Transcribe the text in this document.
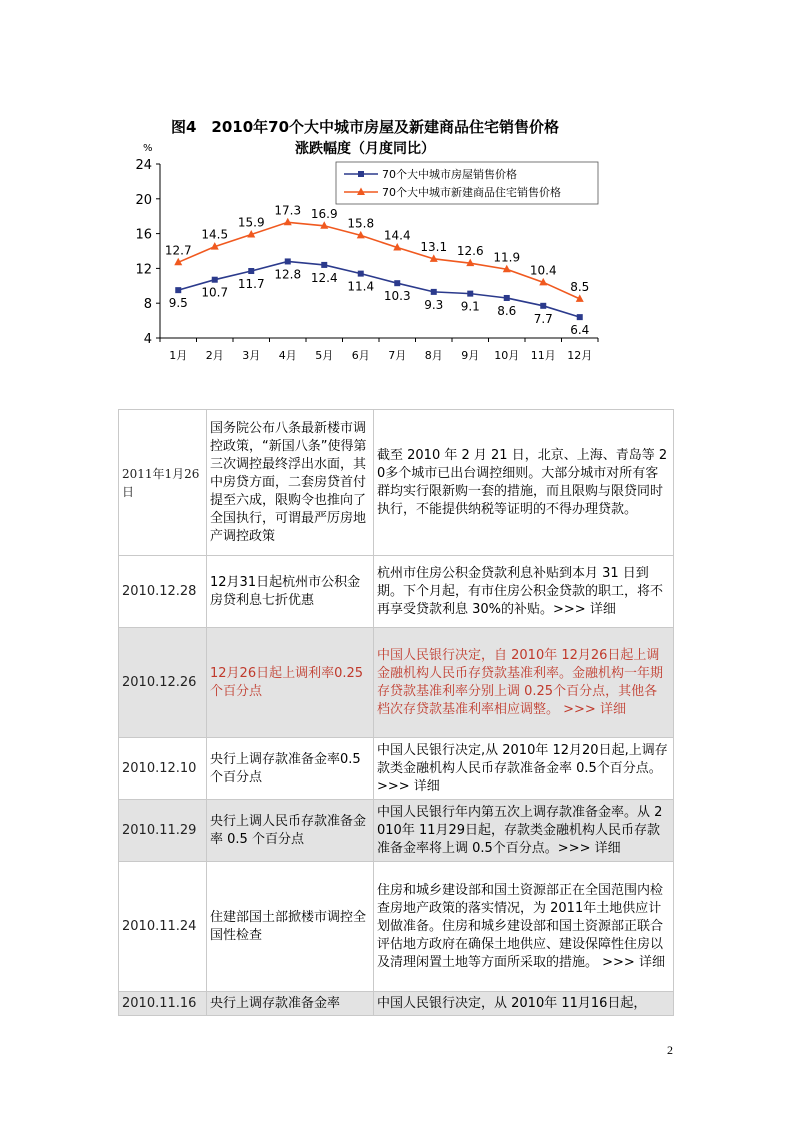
图4　2010年70个大中城市房屋及新建商品住宅销售价格
涨跌幅度（月度同比）
%
4
8
12
16
20
24
1月 2月 3月 4月 5月 6月 7月 8月 9月 10月 11月 12月
9.5
10.7
11.7
12.8 12.4
11.4
10.3
9.3 9.1 8.6
7.7
6.4
12.7
14.5
15.9
17.3 16.9
15.8
14.4
13.1 12.6 11.9
10.4
8.5
70个大中城市房屋销售价格
70个大中城市新建商品住宅销售价格
2011年1月26日	国务院公布八条最新楼市调控政策，“新国八条”使得第三次调控最终浮出水面，其中房贷方面，二套房贷首付提至六成，限购令也推向了全国执行，可谓最严厉房地产调控政策	截至 2010 年 2 月 21 日，北京、上海、青岛等 20多个城市已出台调控细则。大部分城市对所有客群均实行限新购一套的措施，而且限购与限贷同时执行，不能提供纳税等证明的不得办理贷款。
2010.12.28	12月31日起杭州市公积金房贷利息七折优惠	杭州市住房公积金贷款利息补贴到本月 31 日到期。下个月起，有市住房公积金贷款的职工，将不再享受贷款利息 30%的补贴。>>> 详细
2010.12.26	12月26日起上调利率0.25个百分点	中国人民银行决定，自 2010年 12月26日起上调金融机构人民币存贷款基准利率。金融机构一年期存贷款基准利率分别上调 0.25个百分点，其他各档次存贷款基准利率相应调整。 >>> 详细
2010.12.10	央行上调存款准备金率0.5个百分点	中国人民银行决定,从 2010年 12月20日起,上调存款类金融机构人民币存款准备金率 0.5个百分点。>>> 详细
2010.11.29	央行上调人民币存款准备金率 0.5 个百分点	中国人民银行年内第五次上调存款准备金率。从 2010年 11月29日起，存款类金融机构人民币存款准备金率将上调 0.5个百分点。>>> 详细
2010.11.24	住建部国土部掀楼市调控全国性检查	住房和城乡建设部和国土资源部正在全国范围内检查房地产政策的落实情况，为 2011年土地供应计划做准备。住房和城乡建设部和国土资源部正联合评估地方政府在确保土地供应、建设保障性住房以及清理闲置土地等方面所采取的措施。 >>> 详细
2010.11.16	央行上调存款准备金率	中国人民银行决定，从 2010年 11月16日起，
2
